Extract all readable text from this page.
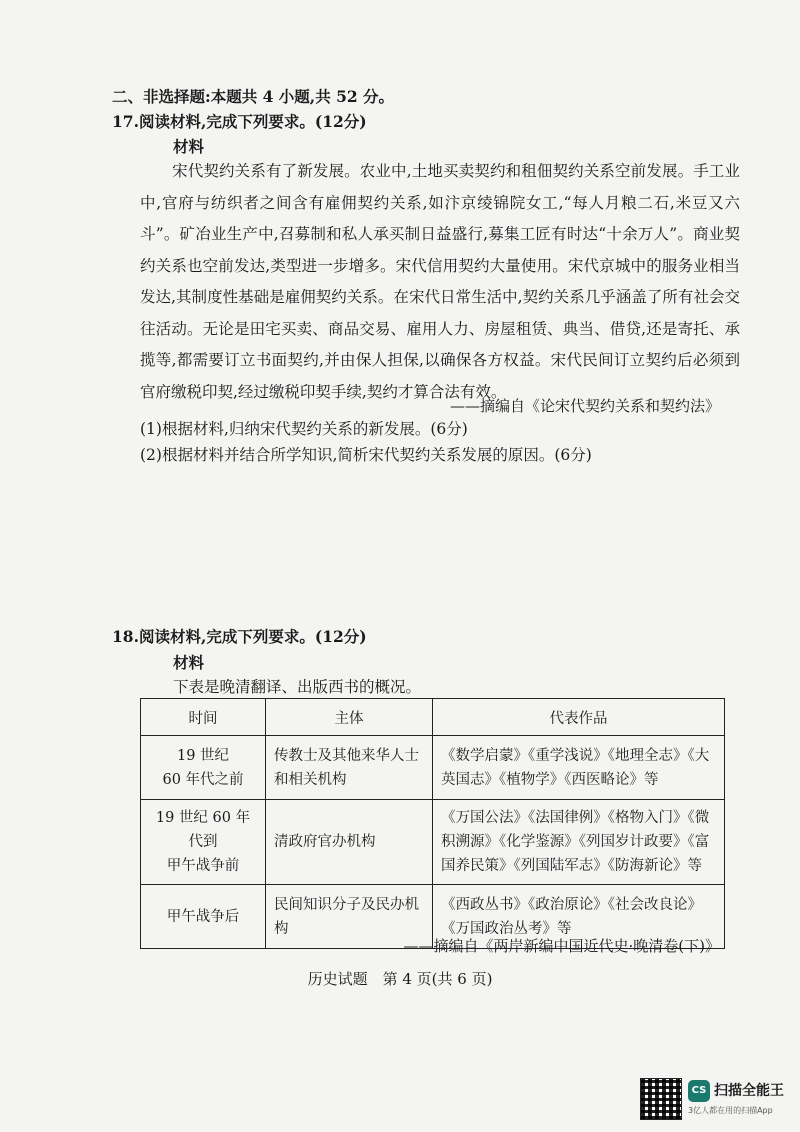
二、非选择题:本题共 4 小题,共 52 分。
17.阅读材料,完成下列要求。(12分)
材料
宋代契约关系有了新发展。农业中,土地买卖契约和租佃契约关系空前发展。手工业中,官府与纺织者之间含有雇佣契约关系,如汴京绫锦院女工,“每人月粮二石,米豆又六斗”。矿冶业生产中,召募制和私人承买制日益盛行,募集工匠有时达“十余万人”。商业契约关系也空前发达,类型进一步增多。宋代信用契约大量使用。宋代京城中的服务业相当发达,其制度性基础是雇佣契约关系。在宋代日常生活中,契约关系几乎涵盖了所有社会交往活动。无论是田宅买卖、商品交易、雇用人力、房屋租赁、典当、借贷,还是寄托、承揽等,都需要订立书面契约,并由保人担保,以确保各方权益。宋代民间订立契约后必须到官府缴税印契,经过缴税印契手续,契约才算合法有效。
——摘编自《论宋代契约关系和契约法》
(1)根据材料,归纳宋代契约关系的新发展。(6分)
(2)根据材料并结合所学知识,简析宋代契约关系发展的原因。(6分)
18.阅读材料,完成下列要求。(12分)
材料
下表是晚清翻译、出版西书的概况。
时间	主体	代表作品
19 世纪
60 年代之前	传教士及其他来华人士和相关机构	《数学启蒙》《重学浅说》《地理全志》《大英国志》《植物学》《西医略论》等
19 世纪 60 年代到
甲午战争前	清政府官办机构	《万国公法》《法国律例》《格物入门》《微积溯源》《化学鉴源》《列国岁计政要》《富国养民策》《列国陆军志》《防海新论》等
甲午战争后	民间知识分子及民办机构	《西政丛书》《政治原论》《社会改良论》《万国政治丛考》等
——摘编自《两岸新编中国近代史·晚清卷(下)》
历史试题　第 4 页(共 6 页)
CS 扫描全能王
3亿人都在用的扫描App
